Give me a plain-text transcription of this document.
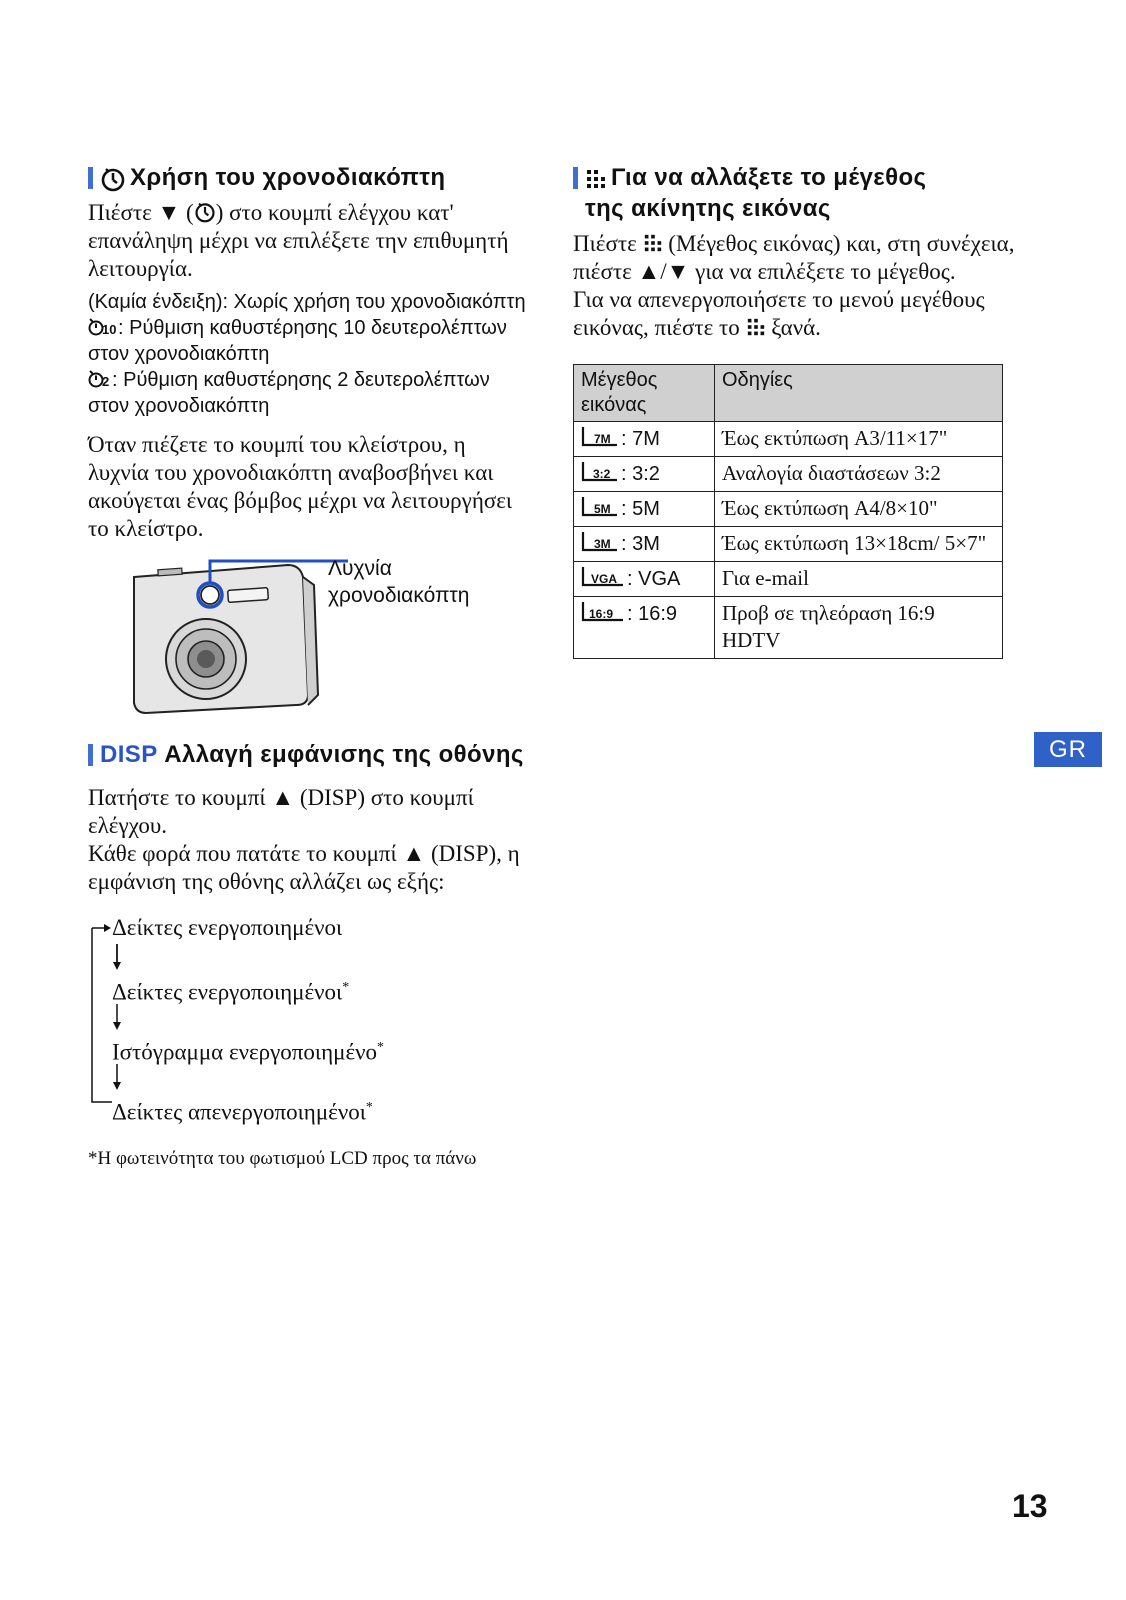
Χρήση του χρονοδιακόπτη

Πιέστε ▼ ( ) στο κουμπί ελέγχου κατ' επανάληψη μέχρι να επιλέξετε την επιθυμητή λειτουργία.

(Καμία ένδειξη): Χωρίς χρήση του χρονοδιακόπτη

10 : Ρύθμιση καθυστέρησης 10 δευτερολέπτων στον χρονοδιακόπτη

2 : Ρύθμιση καθυστέρησης 2 δευτερολέπτων στον χρονοδιακόπτη

Όταν πιέζετε το κουμπί του κλείστρου, η λυχνία του χρονοδιακόπτη αναβοσβήνει και ακούγεται ένας βόμβος μέχρι να λειτουργήσει το κλείστρο.

Λυχνία χρονοδιακόπτη
DISP Αλλαγή εμφάνισης της οθόνης

Πατήστε το κουμπί ▲ (DISP) στο κουμπί ελέγχου.

Κάθε φορά που πατάτε το κουμπί ▲ (DISP), η εμφάνιση της οθόνης αλλάζει ως εξής:

Δείκτες ενεργοποιημένοι
Δείκτες ενεργοποιημένοι*
Ιστόγραμμα ενεργοποιημένο*
Δείκτες απενεργοποιημένοι*

*Η φωτεινότητα του φωτισμού LCD προς τα πάνω

Για να αλλάξετε το μέγεθος
της ακίνητης εικόνας

Πιέστε (Μέγεθος εικόνας) και, στη συνέχεια, πιέστε ▲/▼ για να επιλέξετε το μέγεθος.

Για να απενεργοποιήσετε το μενού μεγέθους εικόνας, πιέστε το ξανά.

Μέγεθος εικόνας	Οδηγίες

7M : 7M	Έως εκτύπωση A3/11×17"

3:2 : 3:2	Αναλογία διαστάσεων 3:2

5M : 5M	Έως εκτύπωση A4/8×10"

3M : 3M	Έως εκτύπωση 13×18cm/ 5×7"

VGA : VGA	Για e-mail

16:9 : 16:9	Προβ σε τηλεόραση 16:9 HDTV
GR
13
